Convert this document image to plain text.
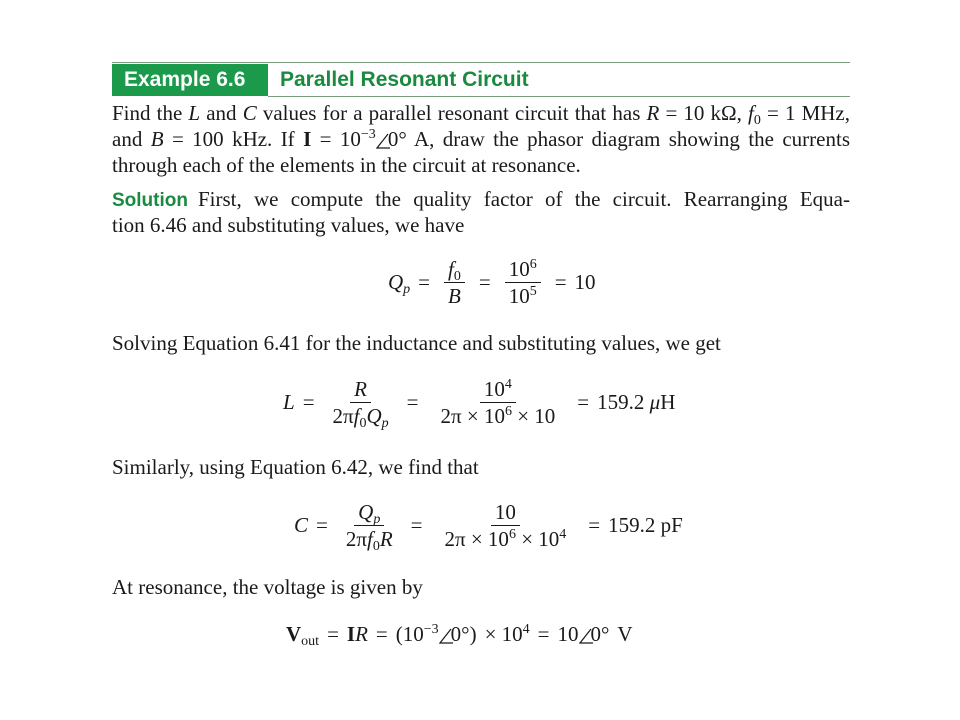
Example 6.6	Parallel Resonant Circuit
Find the L and C values for a parallel resonant circuit that has R = 10 kΩ, $f_0 = 1$ MHz,
and B = 100 kHz. If $I = 10^{-3}$ 0° A, draw the phasor diagram showing the currents
through each of the elements in the circuit at resonance.
Solution First, we compute the quality factor of the circuit. Rearranging Equa-
tion 6.46 and substituting values, we have
$Q_p = \frac{f_0}{B} = \frac{10^6}{10^5} = 10$
Solving Equation 6.41 for the inductance and substituting values, we get
$L = \frac{R}{2\pi f_0Q_p} = \frac{10^4}{2\pi \times 10^6 \times 10} = 159.2$ μH
Similarly, using Equation 6.42, we find that
$C = \frac{Q_p}{2\pi f_0R} = \frac{10}{2\pi \times 10^6 \times 10^4} = 159.2$ pF
At resonance, the voltage is given by
$V_{out}$ = IR = ($10^{-3}$ $0^\circ) \times 10^4 = 10$ 0° V
